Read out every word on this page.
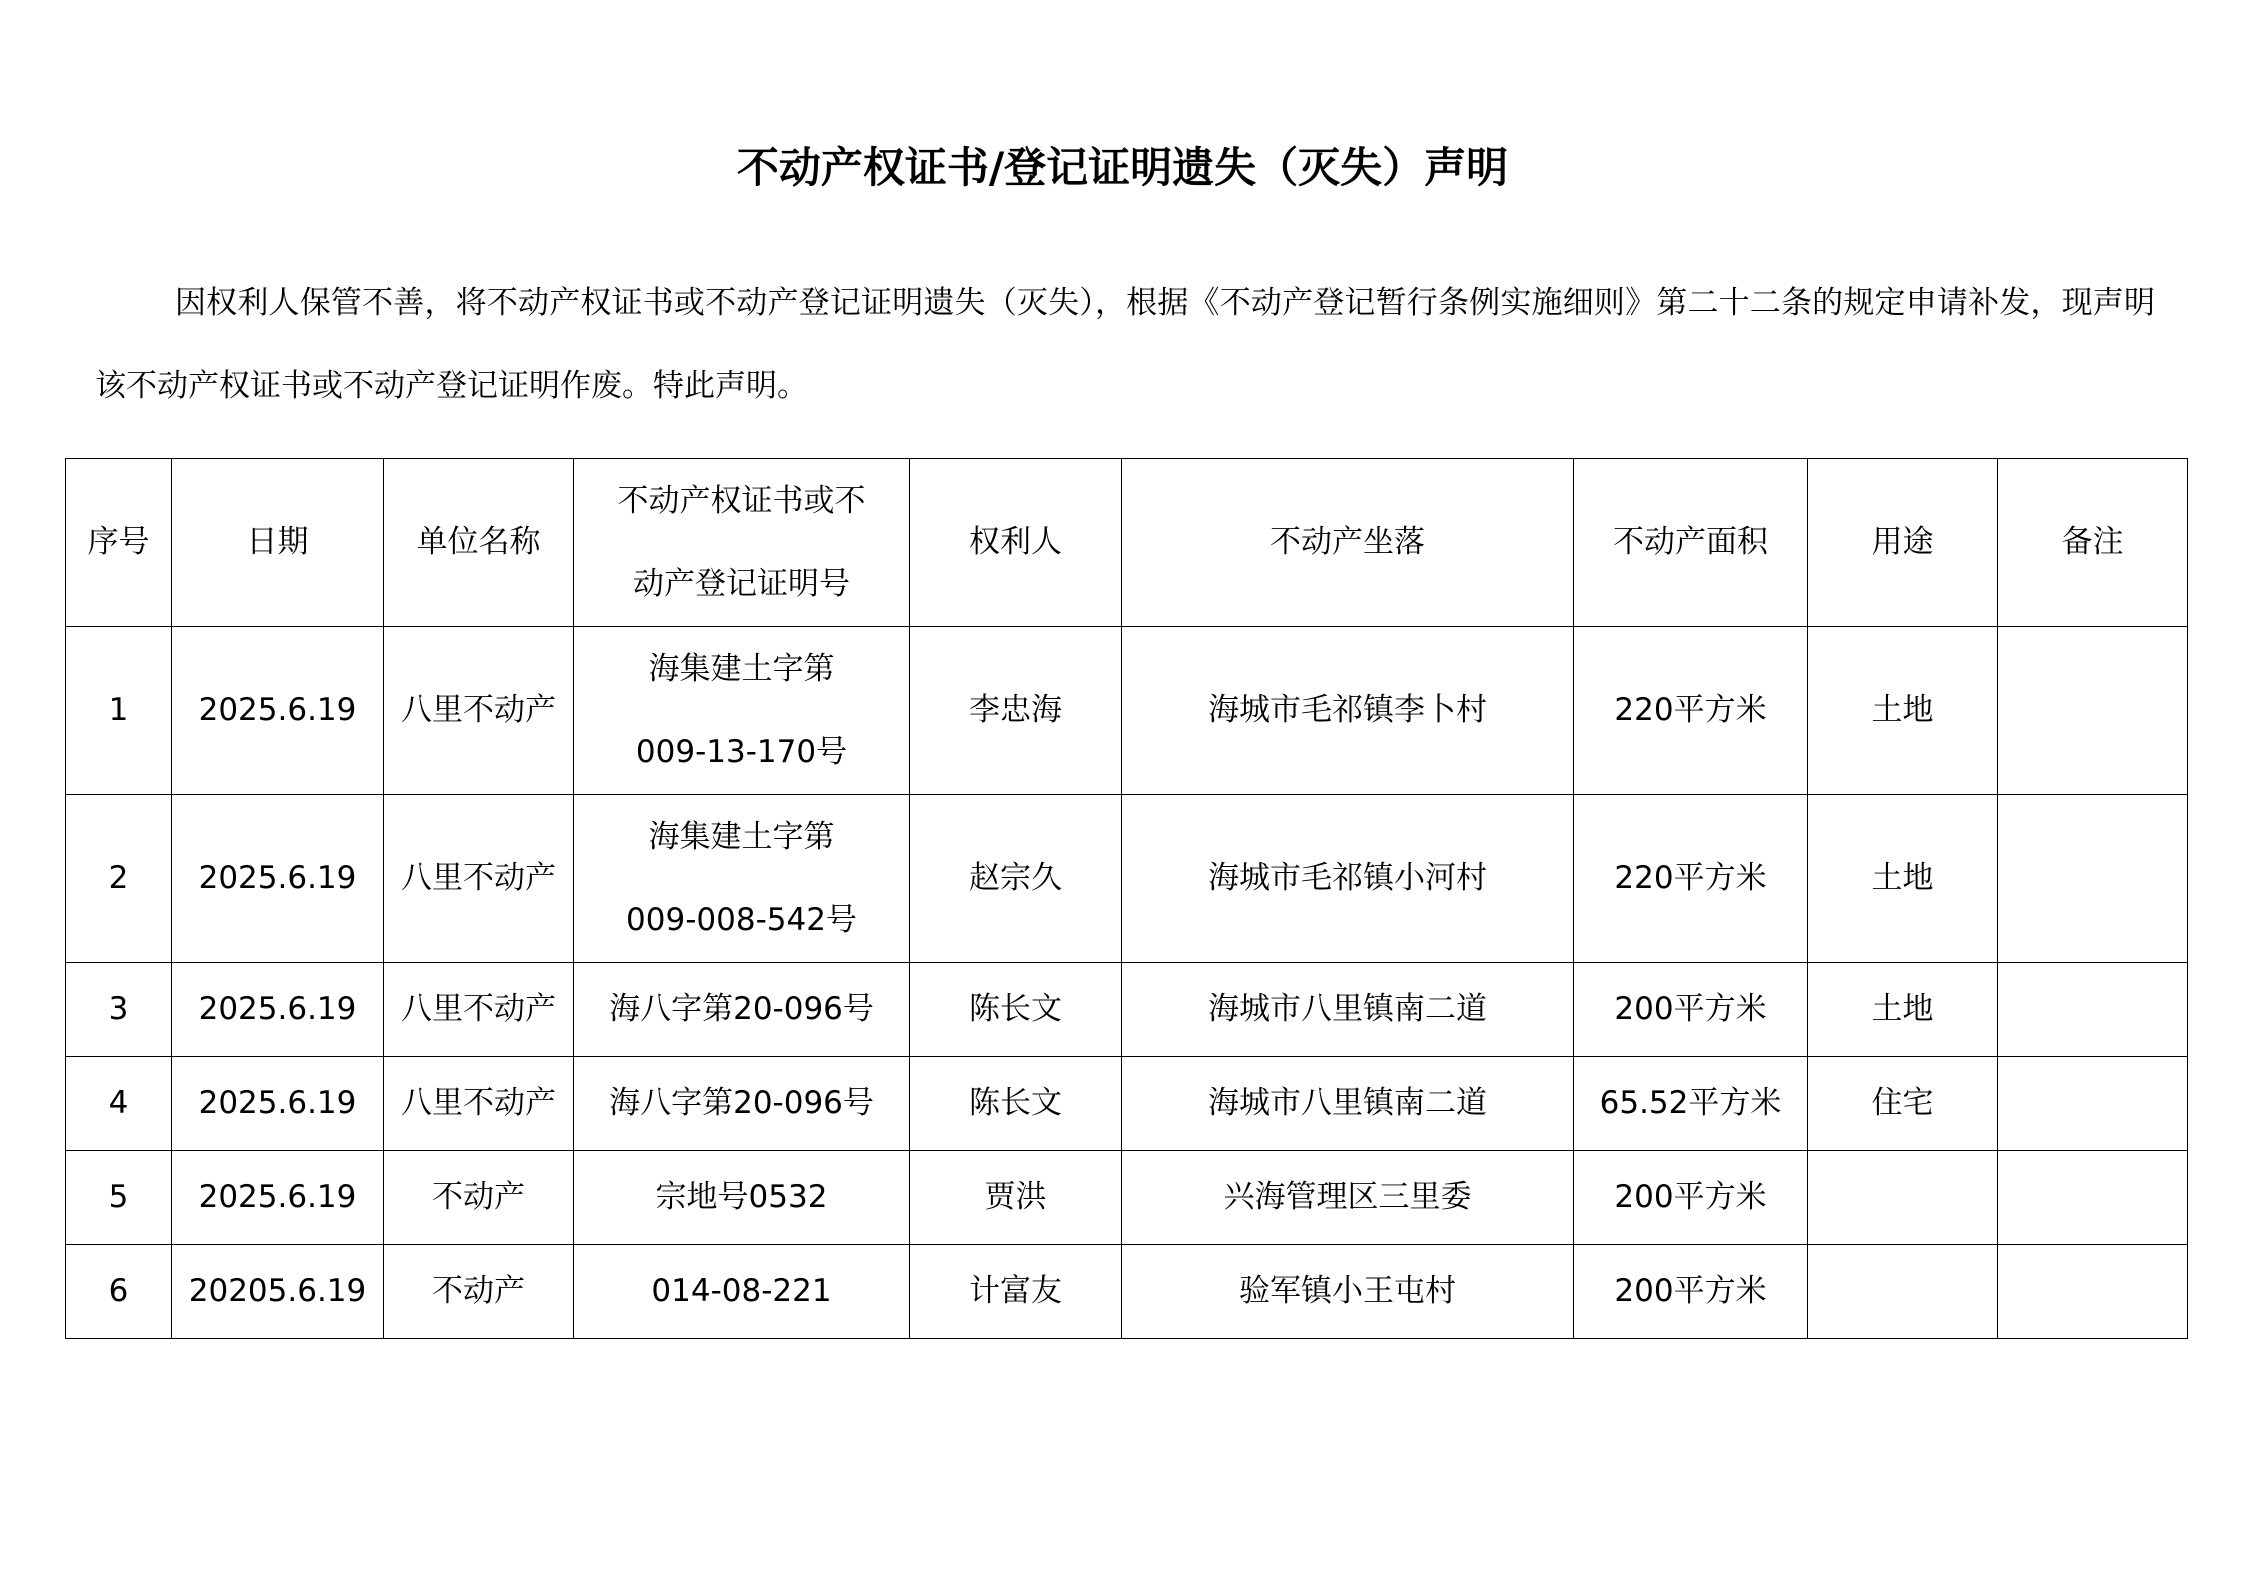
不动产权证书/登记证明遗失（灭失）声明

因权利人保管不善，将不动产权证书或不动产登记证明遗失（灭失），根据《不动产登记暂行条例实施细则》第二十二条的规定申请补发，现声明该不动产权证书或不动产登记证明作废。特此声明。

序号	日期	单位名称	不动产权证书或不动产登记证明号	权利人	不动产坐落	不动产面积	用途	备注
1	2025.6.19	八里不动产	海集建土字第009-13-170号	李忠海	海城市毛祁镇李卜村	220平方米	土地	
2	2025.6.19	八里不动产	海集建土字第009-008-542号	赵宗久	海城市毛祁镇小河村	220平方米	土地	
3	2025.6.19	八里不动产	海八字第20-096号	陈长文	海城市八里镇南二道	200平方米	土地	
4	2025.6.19	八里不动产	海八字第20-096号	陈长文	海城市八里镇南二道	65.52平方米	住宅	
5	2025.6.19	不动产	宗地号0532	贾洪	兴海管理区三里委	200平方米		
6	20205.6.19	不动产	014-08-221	计富友	验军镇小王屯村	200平方米		
